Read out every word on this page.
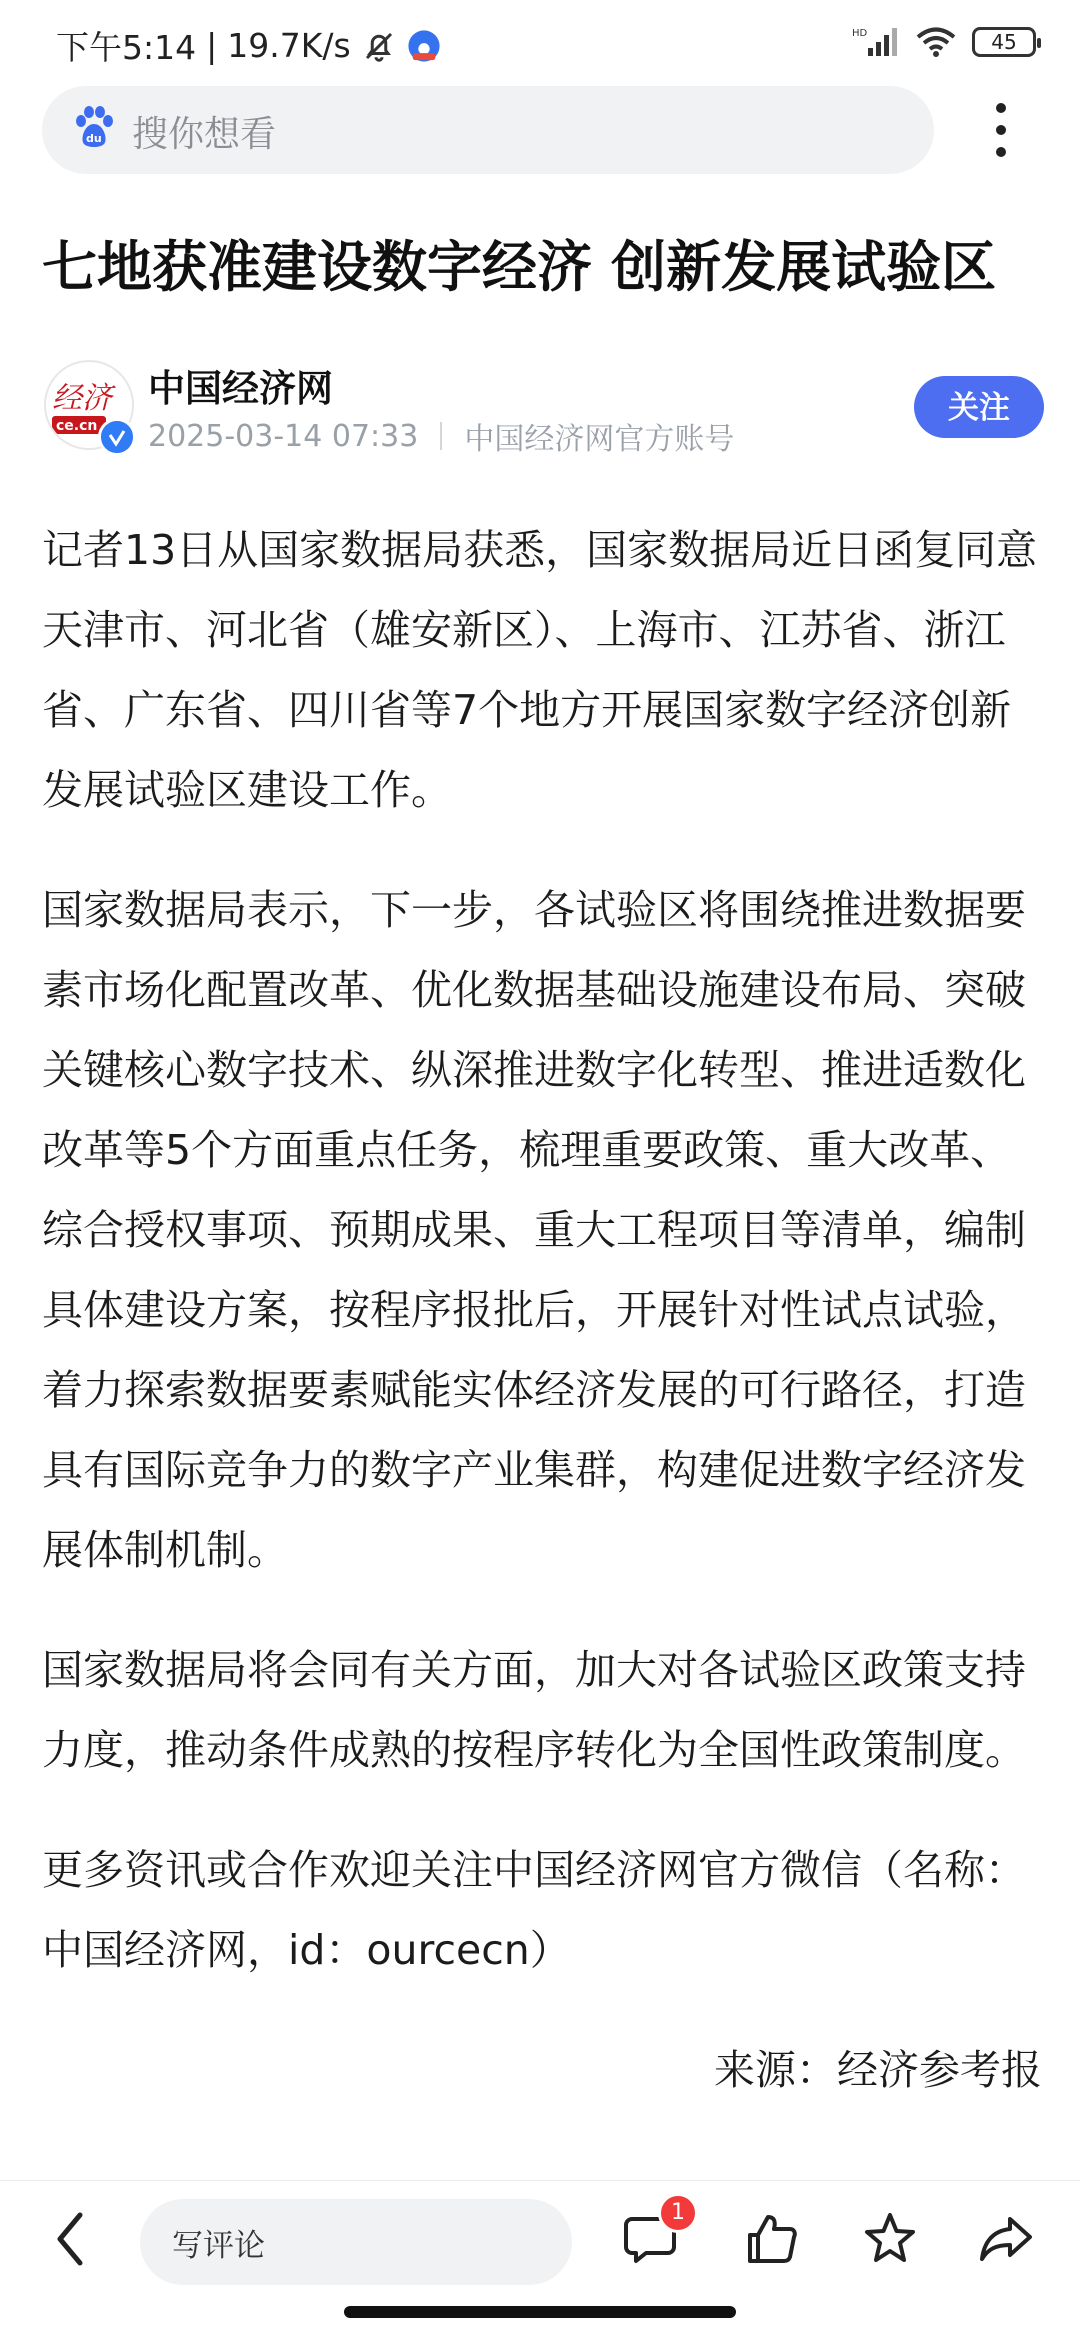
下午5:14 | 19.7K/s	HD	45
du 搜你想看
七地获准建设数字经济 创新发展试验区
经济
ce.cn
中国经济网
2025-03-14 07:33 中国经济网官方账号
关注

记者13日从国家数据局获悉，国家数据局近日函复同意天津市、河北省（雄安新区）、上海市、江苏省、浙江省、广东省、四川省等7个地方开展国家数字经济创新发展试验区建设工作。

国家数据局表示，下一步，各试验区将围绕推进数据要素市场化配置改革、优化数据基础设施建设布局、突破关键核心数字技术、纵深推进数字化转型、推进适数化改革等5个方面重点任务，梳理重要政策、重大改革、综合授权事项、预期成果、重大工程项目等清单，编制具体建设方案，按程序报批后，开展针对性试点试验，着力探索数据要素赋能实体经济发展的可行路径，打造具有国际竞争力的数字产业集群，构建促进数字经济发展体制机制。

国家数据局将会同有关方面，加大对各试验区政策支持力度，推动条件成熟的按程序转化为全国性政策制度。

更多资讯或合作欢迎关注中国经济网官方微信（名称：中国经济网，id：ourcecn）

来源：经济参考报

写评论
1
